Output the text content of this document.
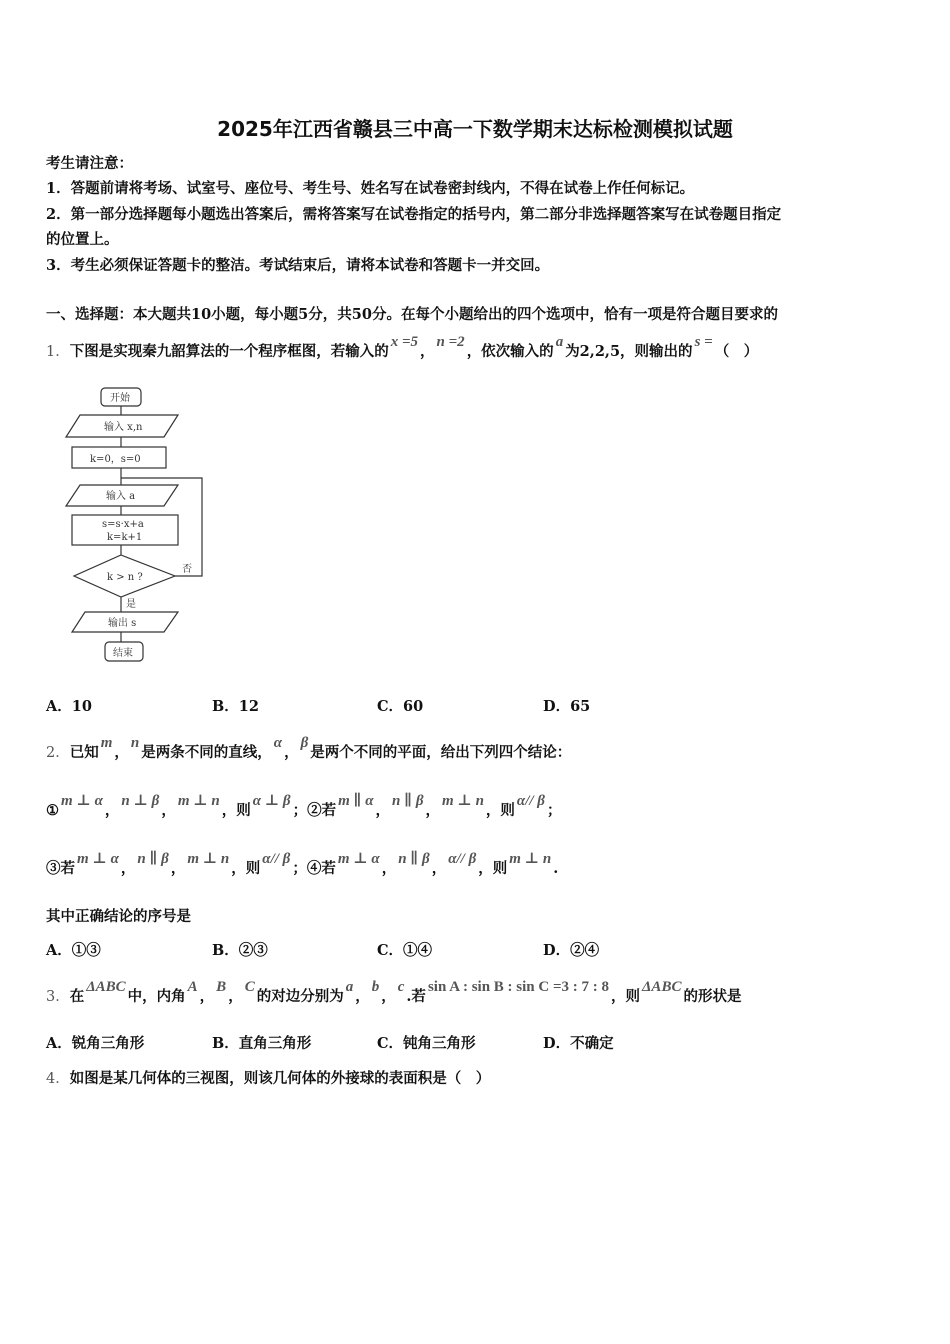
2025年江西省赣县三中高一下数学期末达标检测模拟试题
考生请注意：
1．答题前请将考场、试室号、座位号、考生号、姓名写在试卷密封线内，不得在试卷上作任何标记。
2．第一部分选择题每小题选出答案后，需将答案写在试卷指定的括号内，第二部分非选择题答案写在试卷题目指定
的位置上。
3．考生必须保证答题卡的整洁。考试结束后，请将本试卷和答题卡一并交回。
一、选择题：本大题共10小题，每小题5分，共50分。在每个小题给出的四个选项中，恰有一项是符合题目要求的
1．下图是实现秦九韶算法的一个程序框图，若输入的x =5，n =2，依次输入的a为2,2,5，则输出的s =（　）
开始
输入 x,n
k=0，s=0
输入 a
s=s·x+a
k=k+1
k > n ?
否
是
输出 s
结束
A．10	B．12	C．60	D．65
2．已知m，n是两条不同的直线，α，β是两个不同的平面，给出下列四个结论：
①m ⊥ α，n ⊥ β，m ⊥ n，则α ⊥ β；②若m ∥ α，n ∥ β，m ⊥ n，则α// β；
③若m ⊥ α，n ∥ β，m ⊥ n，则α// β；④若m ⊥ α，n ∥ β，α// β，则m ⊥ n.
其中正确结论的序号是
A．①③	B．②③	C．①④	D．②④
3．在ΔABC中，内角A，B，C的对边分别为a，b，c.若sin A : sin B : sin C =3 : 7 : 8，则ΔABC的形状是
A．锐角三角形	B．直角三角形	C．钝角三角形	D．不确定
4．如图是某几何体的三视图，则该几何体的外接球的表面积是（　）
